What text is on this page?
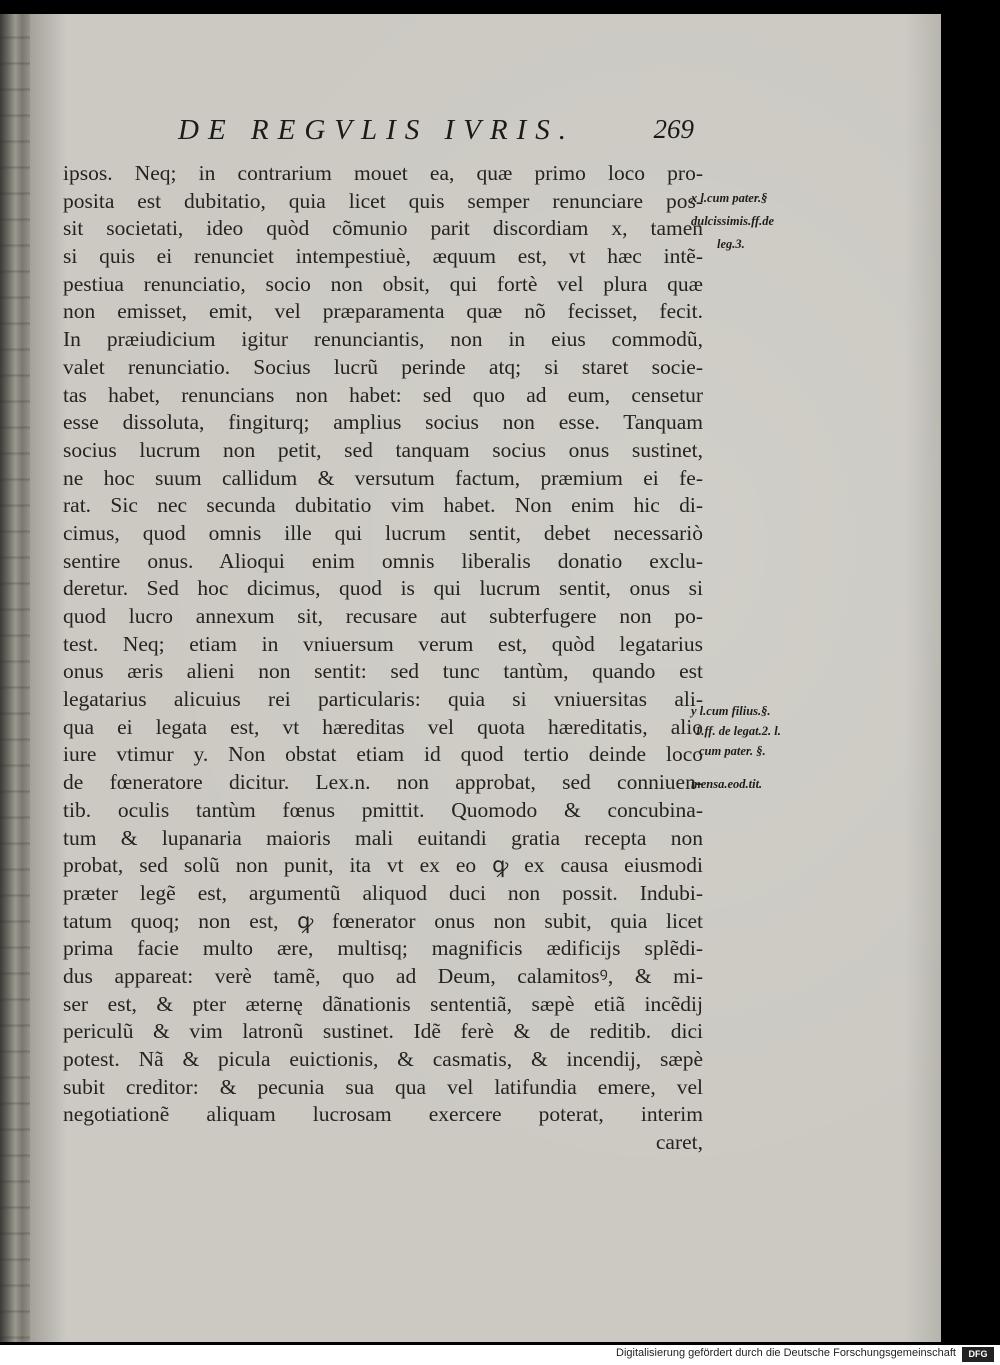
DE REGVLIS IVRIS.	269
ipsos. Neq; in contrarium mouet ea, quæ primo loco pro-
posita est dubitatio, quia licet quis semper renunciare pos-
sit societati, ideo quòd cõmunio parit discordiam x, tamen
si quis ei renunciet intempestiuè, æquum est, vt hæc intẽ-
pestiua renunciatio, socio non obsit, qui fortè vel plura quæ
non emisset, emit, vel præparamenta quæ nõ fecisset, fecit.
In præiudicium igitur renunciantis, non in eius commodũ,
valet renunciatio. Socius lucrũ perinde atq; si staret socie-
tas habet, renuncians non habet: sed quo ad eum, censetur
esse dissoluta, fingiturq; amplius socius non esse. Tanquam
socius lucrum non petit, sed tanquam socius onus sustinet,
ne hoc suum callidum & versutum factum, præmium ei fe-
rat. Sic nec secunda dubitatio vim habet. Non enim hic di-
cimus, quod omnis ille qui lucrum sentit, debet necessariò
sentire onus. Alioqui enim omnis liberalis donatio exclu-
deretur. Sed hoc dicimus, quod is qui lucrum sentit, onus si
quod lucro annexum sit, recusare aut subterfugere non po-
test. Neq; etiam in vniuersum verum est, quòd legatarius
onus æris alieni non sentit: sed tunc tantùm, quando est
legatarius alicuius rei particularis: quia si vniuersitas ali-
qua ei legata est, vt hæreditas vel quota hæreditatis, alio
iure vtimur y. Non obstat etiam id quod tertio deinde loco
de fœneratore dicitur. Lex.n. non approbat, sed conniuen-
tib. oculis tantùm fœnus pmittit. Quomodo & concubina-
tum & lupanaria maioris mali euitandi gratia recepta non
probat, sed solũ non punit, ita vt ex eo ꝙ ex causa eiusmodi
præter legẽ est, argumentũ aliquod duci non possit. Indubi-
tatum quoq; non est, ꝙ fœnerator onus non subit, quia licet
prima facie multo ære, multisq; magnificis ædificijs splẽdi-
dus appareat: verè tamẽ, quo ad Deum, calamitosꝰ, & mi-
ser est, & pter æternę dãnationis sententiã, sæpè etiã incẽdij
periculũ & vim latronũ sustinet. Idẽ ferè & de reditib. dici
potest. Nã & picula euictionis, & casmatis, & incendij, sæpè
subit creditor: & pecunia sua qua vel latifundia emere, vel
negotiationẽ aliquam lucrosam exercere poterat, interim
caret,
x l.cum pater.§
dulcissimis.ff.de
leg.3.
y l.cum filius.§.
1.ff. de legat.2. l.
cum pater. §.
mensa.eod.tit.
Digitalisierung gefördert durch die Deutsche Forschungsgemeinschaft	DFG
